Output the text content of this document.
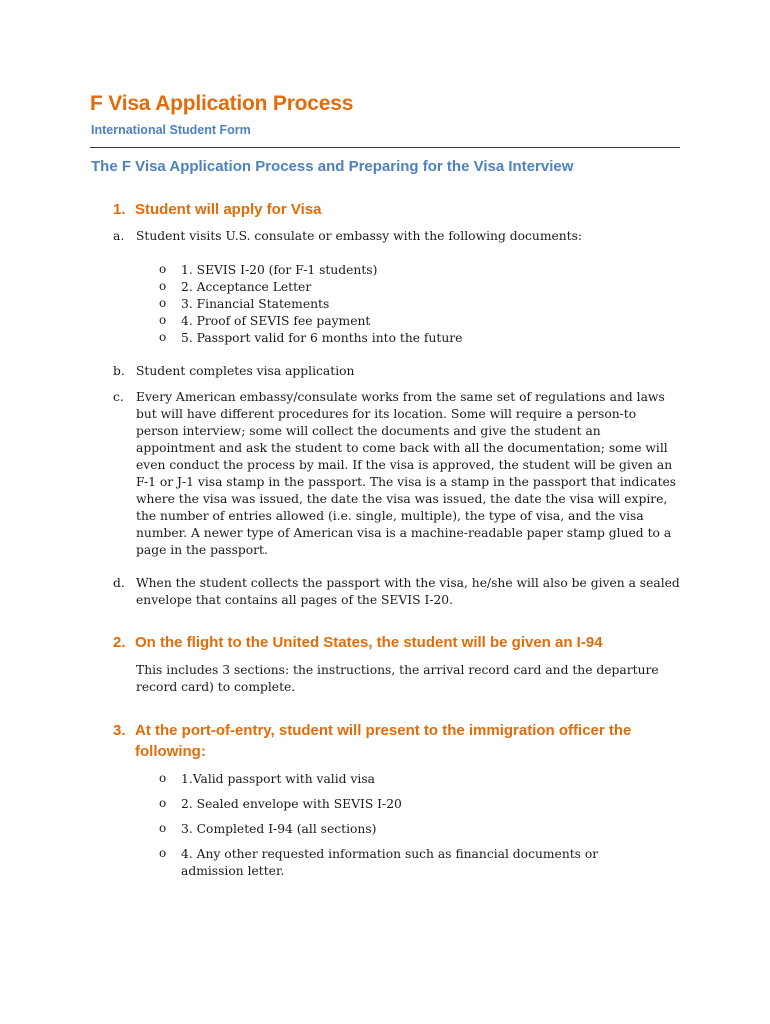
F Visa Application Process

International Student Form

The F Visa Application Process and Preparing for the Visa Interview
1. Student will apply for Visa
a. Student visits U.S. consulate or embassy with the following documents:
o 1. SEVIS I-20 (for F-1 students)
o 2. Acceptance Letter
o 3. Financial Statements
o 4. Proof of SEVIS fee payment
o 5. Passport valid for 6 months into the future
b. Student completes visa application
c. Every American embassy/consulate works from the same set of regulations and laws but will have different procedures for its location. Some will require a person-to person interview; some will collect the documents and give the student an appointment and ask the student to come back with all the documentation; some will even conduct the process by mail. If the visa is approved, the student will be given an F-1 or J-1 visa stamp in the passport. The visa is a stamp in the passport that indicates where the visa was issued, the date the visa was issued, the date the visa will expire, the number of entries allowed (i.e. single, multiple), the type of visa, and the visa number. A newer type of American visa is a machine-readable paper stamp glued to a page in the passport.
d. When the student collects the passport with the visa, he/she will also be given a sealed envelope that contains all pages of the SEVIS I-20.
2. On the flight to the United States, the student will be given an I-94

This includes 3 sections: the instructions, the arrival record card and the departure record card) to complete.

3. At the port-of-entry, student will present to the immigration officer the following:
o 1.Valid passport with valid visa
o 2. Sealed envelope with SEVIS I-20
o 3. Completed I-94 (all sections)
o 4. Any other requested information such as financial documents or admission letter.
